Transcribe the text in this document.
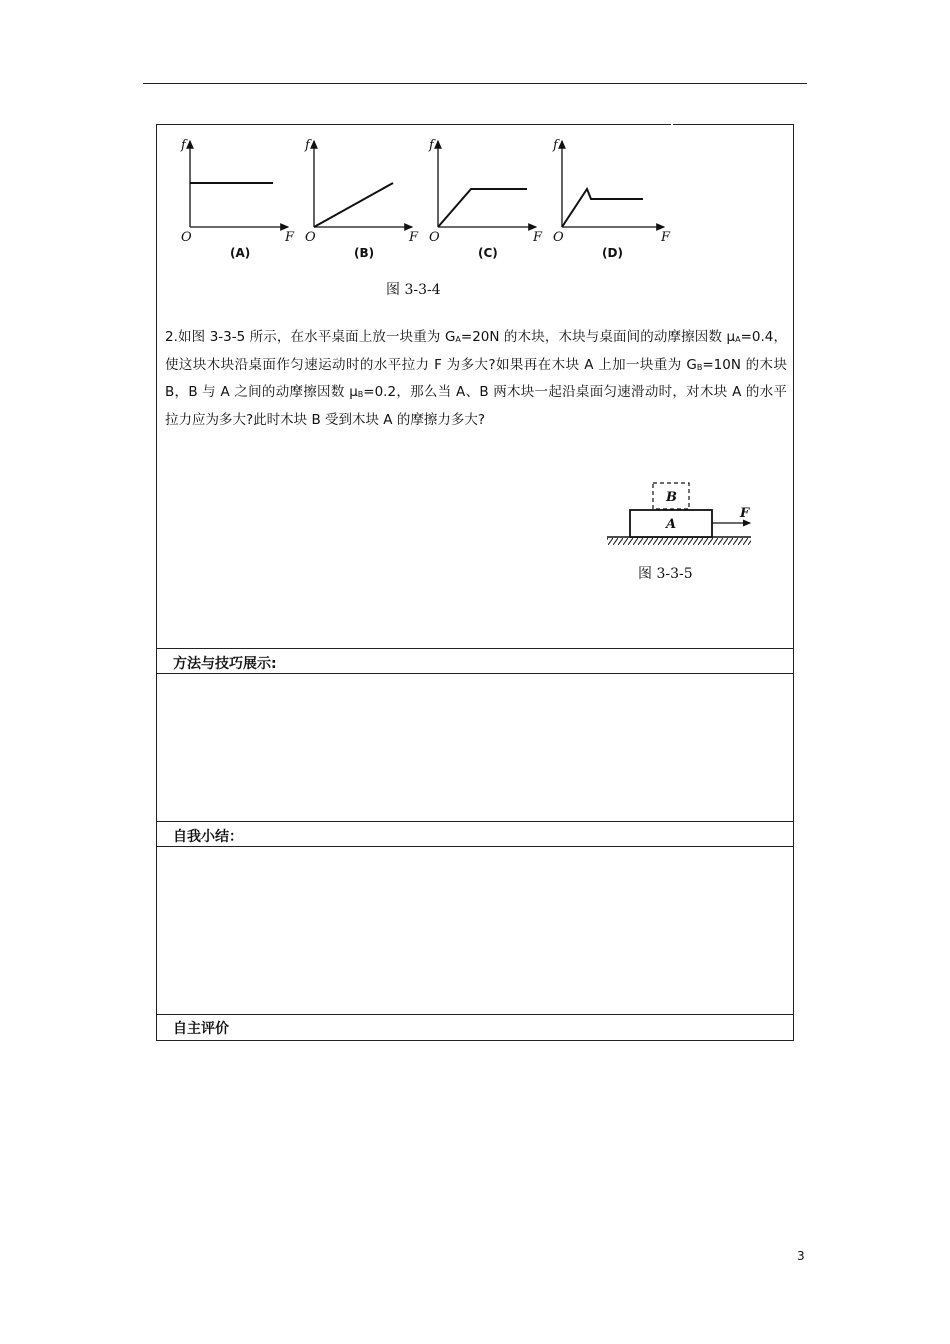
f
O	F
(A)
f
O	F
(B)
f
O	F
(C)
f
O	F
(D)
图 3-3-4

2.如图 3-3-5 所示，在水平桌面上放一块重为 $G_A=20N$ 的木块，木块与桌面间的动摩擦因数 $\mu_A=0.4$，使这块木块沿桌面作匀速运动时的水平拉力 F 为多大?如果再在木块 A 上加一块重为 $G_B=10N$ 的木块 B，B 与 A 之间的动摩擦因数 $\mu_B=0.2$，那么当 A、B 两木块一起沿桌面匀速滑动时，对木块 A 的水平拉力应为多大?此时木块 B 受到木块 A 的摩擦力多大?

B
A
F
图 3-3-5
方法与技巧展示:
自我小结：
自主评价
3
